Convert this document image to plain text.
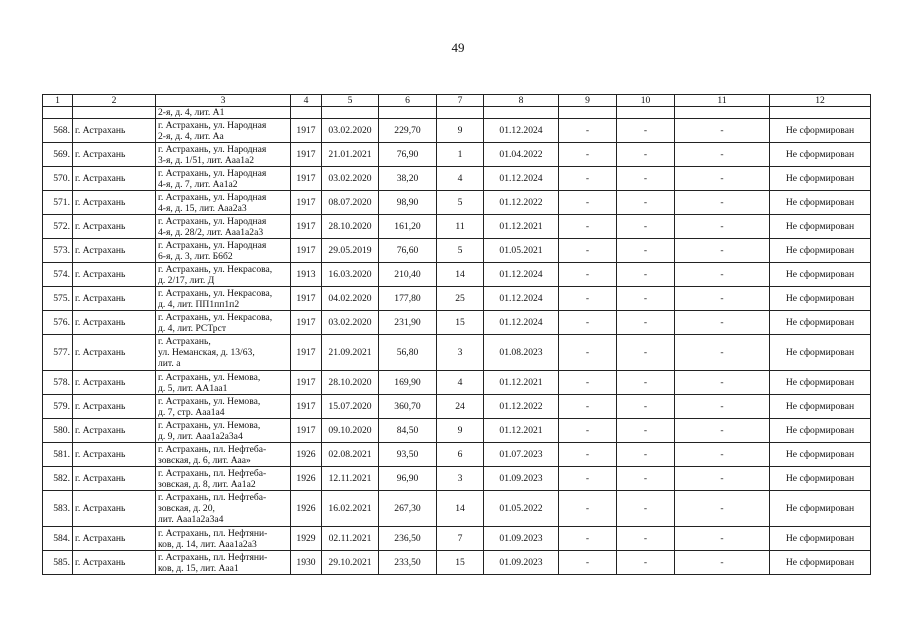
49
1	2	3	4	5	6	7	8	9	10	11	12
		2-я, д. 4, лит. А1									
568.	г. Астрахань	г. Астрахань, ул. Народная
2-я, д. 4, лит. Аа	1917	03.02.2020	229,70	9	01.12.2024	-	-	-	Не сформирован
569.	г. Астрахань	г. Астрахань, ул. Народная
3-я, д. 1/51, лит. Ааа1а2	1917	21.01.2021	76,90	1	01.04.2022	-	-	-	Не сформирован
570.	г. Астрахань	г. Астрахань, ул. Народная
4-я, д. 7, лит. Аа1а2	1917	03.02.2020	38,20	4	01.12.2024	-	-	-	Не сформирован
571.	г. Астрахань	г. Астрахань, ул. Народная
4-я, д. 15, лит. Ааа2а3	1917	08.07.2020	98,90	5	01.12.2022	-	-	-	Не сформирован
572.	г. Астрахань	г. Астрахань, ул. Народная
4-я, д. 28/2, лит. Ааа1а2а3	1917	28.10.2020	161,20	11	01.12.2021	-	-	-	Не сформирован
573.	г. Астрахань	г. Астрахань, ул. Народная
6-я, д. 3, лит. Б6б2	1917	29.05.2019	76,60	5	01.05.2021	-	-	-	Не сформирован
574.	г. Астрахань	г. Астрахань, ул. Некрасова,
д. 2/17, лит. Д	1913	16.03.2020	210,40	14	01.12.2024	-	-	-	Не сформирован
575.	г. Астрахань	г. Астрахань, ул. Некрасова,
д. 4, лит. ПП1пп1п2	1917	04.02.2020	177,80	25	01.12.2024	-	-	-	Не сформирован
576.	г. Астрахань	г. Астрахань, ул. Некрасова,
д. 4, лит. РСТрст	1917	03.02.2020	231,90	15	01.12.2024	-	-	-	Не сформирован
577.	г. Астрахань	г. Астрахань,
ул. Неманская, д. 13/63,
лит. а	1917	21.09.2021	56,80	3	01.08.2023	-	-	-	Не сформирован
578.	г. Астрахань	г. Астрахань, ул. Немова,
д. 5, лит. АА1аа1	1917	28.10.2020	169,90	4	01.12.2021	-	-	-	Не сформирован
579.	г. Астрахань	г. Астрахань, ул. Немова,
д. 7, стр. Ааа1а4	1917	15.07.2020	360,70	24	01.12.2022	-	-	-	Не сформирован
580.	г. Астрахань	г. Астрахань, ул. Немова,
д. 9, лит. Ааа1а2а3а4	1917	09.10.2020	84,50	9	01.12.2021	-	-	-	Не сформирован
581.	г. Астрахань	г. Астрахань, пл. Нефтеба-
зовская, д. 6, лит. Ааа»	1926	02.08.2021	93,50	6	01.07.2023	-	-	-	Не сформирован
582.	г. Астрахань	г. Астрахань, пл. Нефтеба-
зовская, д. 8, лит. Аа1а2	1926	12.11.2021	96,90	3	01.09.2023	-	-	-	Не сформирован
583.	г. Астрахань	г. Астрахань, пл. Нефтеба-
зовская, д. 20,
лит. Ааа1а2а3а4	1926	16.02.2021	267,30	14	01.05.2022	-	-	-	Не сформирован
584.	г. Астрахань	г. Астрахань, пл. Нефтяни-
ков, д. 14, лит. Ааа1а2а3	1929	02.11.2021	236,50	7	01.09.2023	-	-	-	Не сформирован
585.	г. Астрахань	г. Астрахань, пл. Нефтяни-
ков, д. 15, лит. Ааа1	1930	29.10.2021	233,50	15	01.09.2023	-	-	-	Не сформирован
